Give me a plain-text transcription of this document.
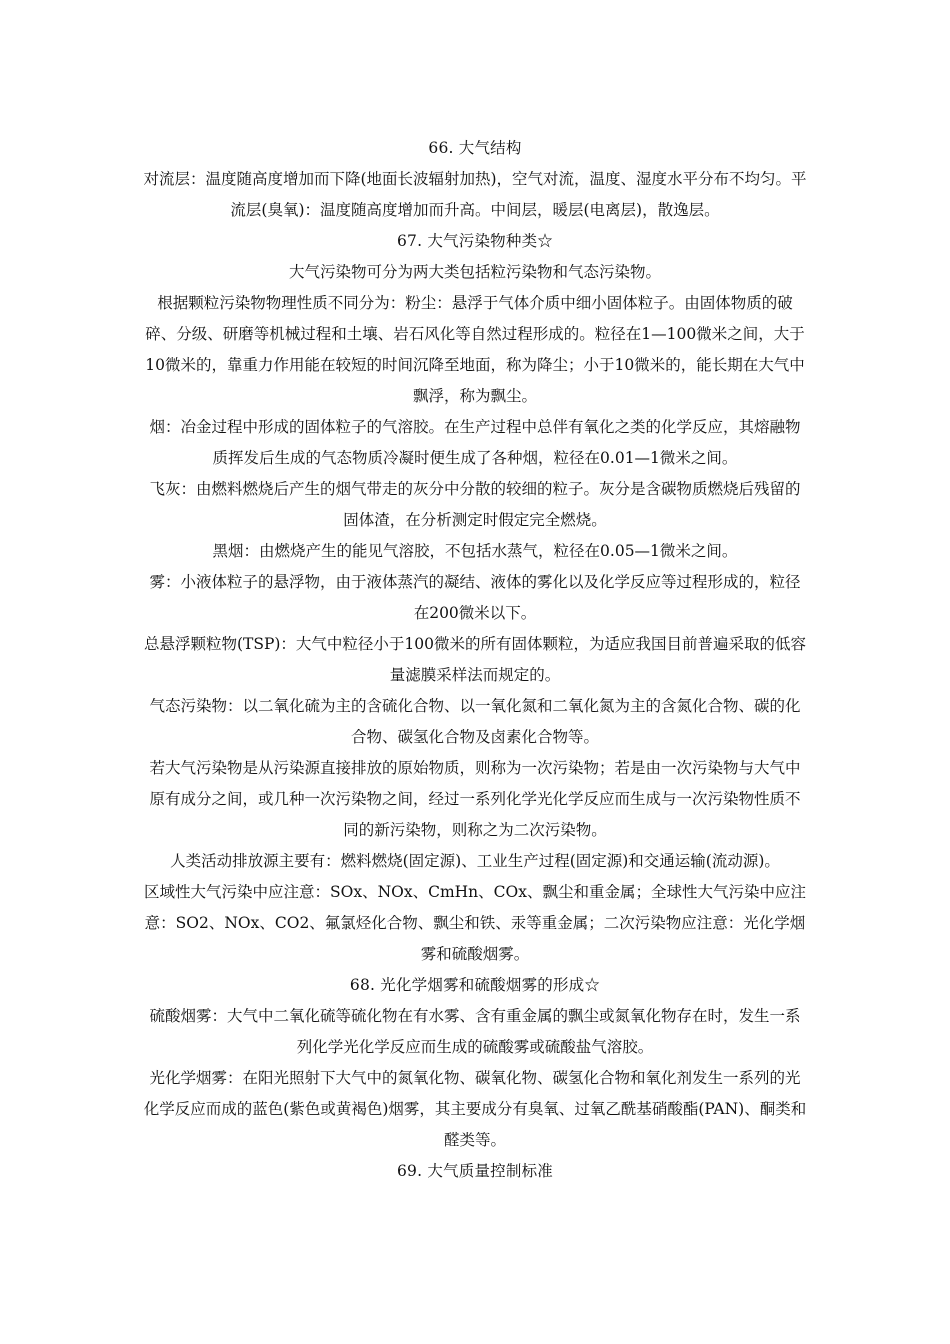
66. 大气结构

对流层：温度随高度增加而下降(地面长波辐射加热)，空气对流，温度、湿度水平分布不均匀。平流层(臭氧)：温度随高度增加而升高。中间层，暖层(电离层)，散逸层。

67. 大气污染物种类☆

大气污染物可分为两大类包括粒污染物和气态污染物。

根据颗粒污染物物理性质不同分为：粉尘：悬浮于气体介质中细小固体粒子。由固体物质的破碎、分级、研磨等机械过程和土壤、岩石风化等自然过程形成的。粒径在1—100微米之间，大于10微米的，靠重力作用能在较短的时间沉降至地面，称为降尘；小于10微米的，能长期在大气中飘浮，称为飘尘。

烟：冶金过程中形成的固体粒子的气溶胶。在生产过程中总伴有氧化之类的化学反应，其熔融物质挥发后生成的气态物质冷凝时便生成了各种烟，粒径在0.01—1微米之间。

飞灰：由燃料燃烧后产生的烟气带走的灰分中分散的较细的粒子。灰分是含碳物质燃烧后残留的固体渣，在分析测定时假定完全燃烧。

黑烟：由燃烧产生的能见气溶胶，不包括水蒸气，粒径在0.05—1微米之间。

雾：小液体粒子的悬浮物，由于液体蒸汽的凝结、液体的雾化以及化学反应等过程形成的，粒径在200微米以下。

总悬浮颗粒物(TSP)：大气中粒径小于100微米的所有固体颗粒，为适应我国目前普遍采取的低容量滤膜采样法而规定的。

气态污染物：以二氧化硫为主的含硫化合物、以一氧化氮和二氧化氮为主的含氮化合物、碳的化合物、碳氢化合物及卤素化合物等。

若大气污染物是从污染源直接排放的原始物质，则称为一次污染物；若是由一次污染物与大气中原有成分之间，或几种一次污染物之间，经过一系列化学光化学反应而生成与一次污染物性质不同的新污染物，则称之为二次污染物。

人类活动排放源主要有：燃料燃烧(固定源)、工业生产过程(固定源)和交通运输(流动源)。

区域性大气污染中应注意：SOx、NOx、CmHn、COx、飘尘和重金属；全球性大气污染中应注意：SO2、NOx、CO2、氟氯烃化合物、飘尘和铁、汞等重金属；二次污染物应注意：光化学烟雾和硫酸烟雾。

68. 光化学烟雾和硫酸烟雾的形成☆

硫酸烟雾：大气中二氧化硫等硫化物在有水雾、含有重金属的飘尘或氮氧化物存在时，发生一系列化学光化学反应而生成的硫酸雾或硫酸盐气溶胶。

光化学烟雾：在阳光照射下大气中的氮氧化物、碳氧化物、碳氢化合物和氧化剂发生一系列的光化学反应而成的蓝色(紫色或黄褐色)烟雾，其主要成分有臭氧、过氧乙酰基硝酸酯(PAN)、酮类和醛类等。

69. 大气质量控制标准
